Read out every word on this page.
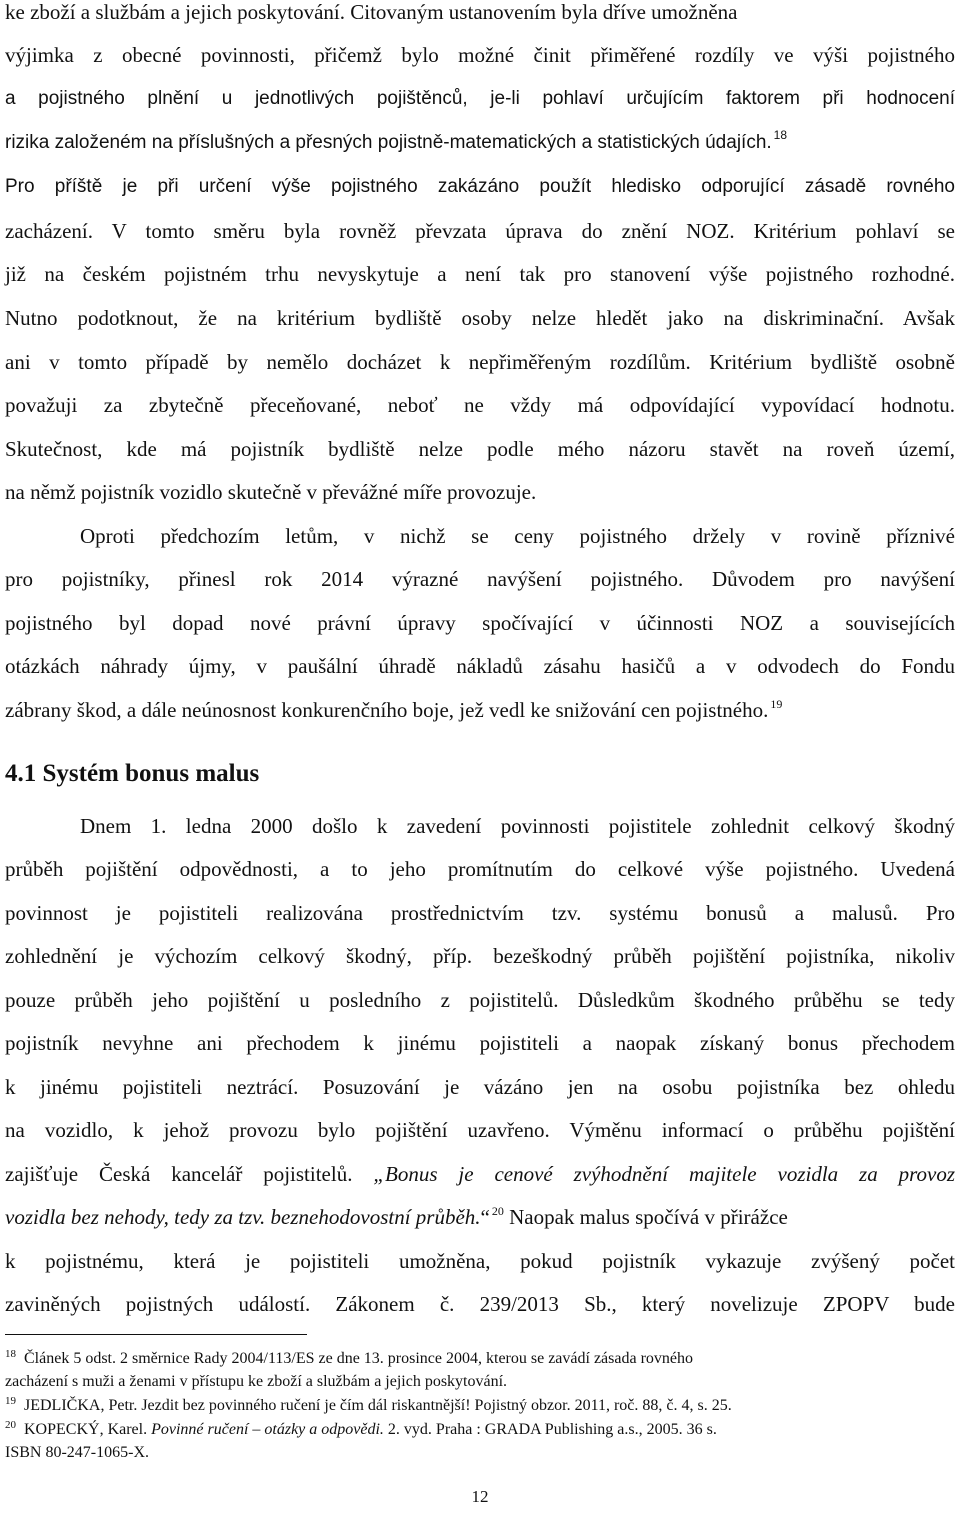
ke zboží a službám a jejich poskytování. Citovaným ustanovením byla dříve umožněna
výjimka z obecné povinnosti, přičemž bylo možné činit přiměřené rozdíly ve výši pojistného
a pojistného plnění u jednotlivých pojištěnců, je-li pohlaví určujícím faktorem při hodnocení
rizika založeném na příslušných a přesných pojistně-matematických a statistických údajích. $^{18}$
Pro příště je při určení výše pojistného zakázáno použít hledisko odporující zásadě rovného
zacházení. V tomto směru byla rovněž převzata úprava do znění NOZ. Kritérium pohlaví se
již na českém pojistném trhu nevyskytuje a není tak pro stanovení výše pojistného rozhodné.
Nutno podotknout, že na kritérium bydliště osoby nelze hledět jako na diskriminační. Avšak
ani v tomto případě by nemělo docházet k nepřiměřeným rozdílům. Kritérium bydliště osobně
považuji za zbytečně přeceňované, neboť ne vždy má odpovídající vypovídací hodnotu.
Skutečnost, kde má pojistník bydliště nelze podle mého názoru stavět na roveň území,
na němž pojistník vozidlo skutečně v převážné míře provozuje.
Oproti předchozím letům, v nichž se ceny pojistného držely v rovině příznivé
pro pojistníky, přinesl rok 2014 výrazné navýšení pojistného. Důvodem pro navýšení
pojistného byl dopad nové právní úpravy spočívající v účinnosti NOZ a souvisejících
otázkách náhrady újmy, v paušální úhradě nákladů zásahu hasičů a v odvodech do Fondu
zábrany škod, a dále neúnosnost konkurenčního boje, jež vedl ke snižování cen pojistného. $^{19}$
4.1 Systém bonus malus
Dnem 1. ledna 2000 došlo k zavedení povinnosti pojistitele zohlednit celkový škodný
průběh pojištění odpovědnosti, a to jeho promítnutím do celkové výše pojistného. Uvedená
povinnost je pojistiteli realizována prostřednictvím tzv. systému bonusů a malusů. Pro
zohlednění je výchozím celkový škodný, příp. bezeškodný průběh pojištění pojistníka, nikoliv
pouze průběh jeho pojištění u posledního z pojistitelů. Důsledkům škodného průběhu se tedy
pojistník nevyhne ani přechodem k jinému pojistiteli a naopak získaný bonus přechodem
k jinému pojistiteli neztrácí. Posuzování je vázáno jen na osobu pojistníka bez ohledu
na vozidlo, k jehož provozu bylo pojištění uzavřeno. Výměnu informací o průběhu pojištění
zajišťuje Česká kancelář pojistitelů. „Bonus je cenové zvýhodnění majitele vozidla za provoz
vozidla bez nehody, tedy za tzv. beznehodovostní průběh.“ $^{20}$ Naopak malus spočívá v přirážce
k pojistnému, která je pojistiteli umožněna, pokud pojistník vykazuje zvýšený počet
zaviněných pojistných událostí. Zákonem č. 239/2013 Sb., který novelizuje ZPOPV bude
$^{18}$ Článek 5 odst. 2 směrnice Rady 2004/113/ES ze dne 13. prosince 2004, kterou se zavádí zásada rovného
zacházení s muži a ženami v přístupu ke zboží a službám a jejich poskytování.
$^{19}$ JEDLIČKA, Petr. Jezdit bez povinného ručení je čím dál riskantnější! Pojistný obzor. 2011, roč. 88, č. 4, s. 25.
$^{20}$ KOPECKÝ, Karel. Povinné ručení – otázky a odpovědi. 2. vyd. Praha : GRADA Publishing a.s., 2005. 36 s.
ISBN 80-247-1065-X.
12
